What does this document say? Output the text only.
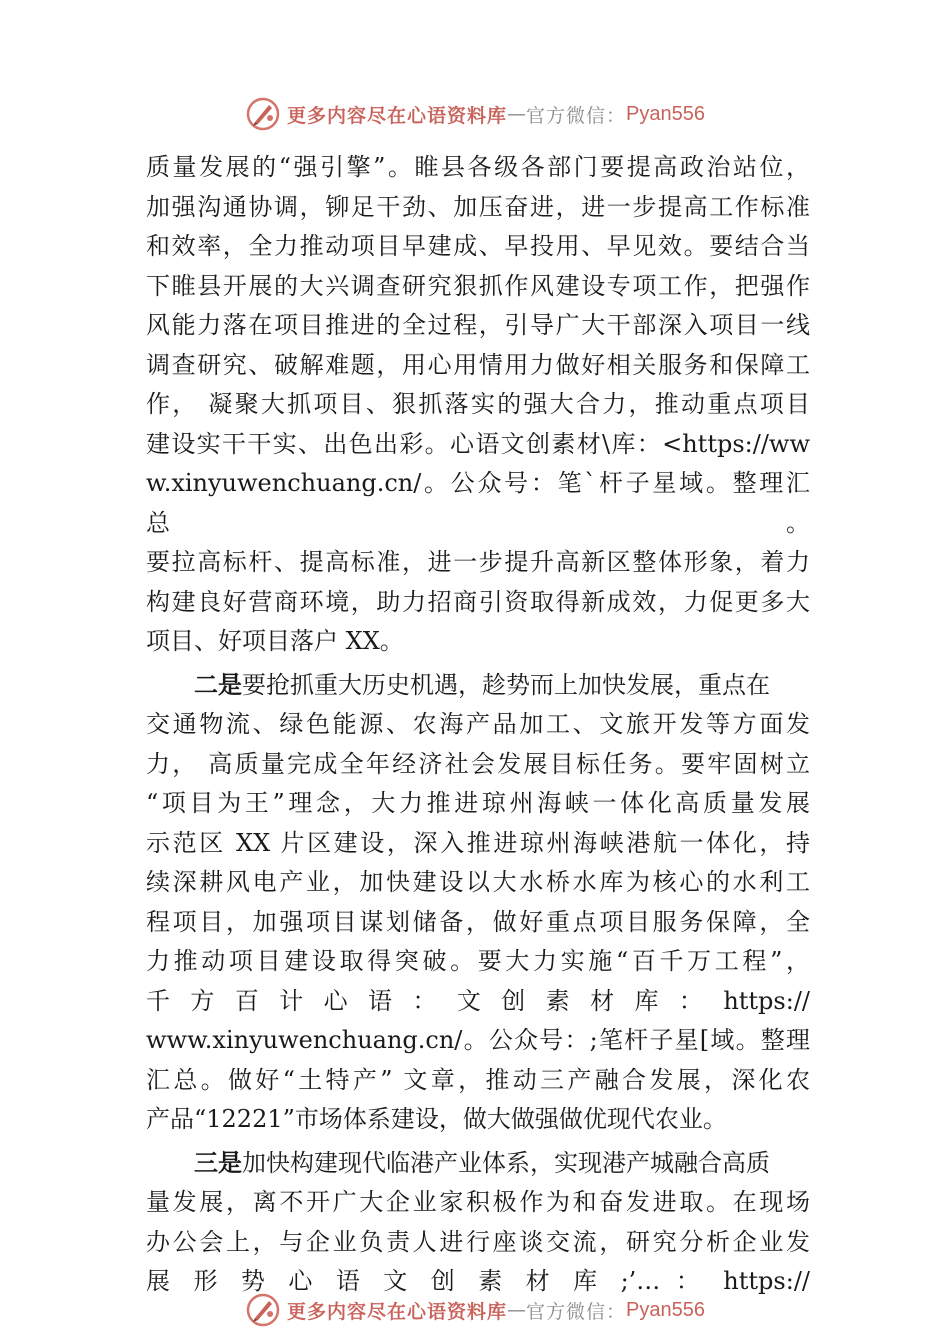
更多内容尽在心语资料库 — 官方微信： Pyan556

质量发展的“强引擎”。睢县各级各部门要提高政治站位，
加强沟通协调，铆足干劲、加压奋进，进一步提高工作标准
和效率，全力推动项目早建成、早投用、早见效。要结合当
下睢县开展的大兴调查研究狠抓作风建设专项工作，把强作
风能力落在项目推进的全过程，引导广大干部深入项目一线
调查研究、破解难题，用心用情用力做好相关服务和保障工
作， 凝聚大抓项目、狠抓落实的强大合力，推动重点项目
建设实干干实、出色出彩。心语文创素材\库：<https://ww
w.xinyuwenchuang.cn/。公众号：笔`杆子星域。整理汇总。
要拉高标杆、提高标准，进一步提升高新区整体形象，着力
构建良好营商环境，助力招商引资取得新成效，力促更多大
项目、好项目落户 XX。

二是要抢抓重大历史机遇，趁势而上加快发展，重点在
交通物流、绿色能源、农海产品加工、文旅开发等方面发
力， 高质量完成全年经济社会发展目标任务。要牢固树立
“项目为王”理念，大力推进琼州海峡一体化高质量发展
示范区 XX 片区建设，深入推进琼州海峡港航一体化，持
续深耕风电产业，加快建设以大水桥水库为核心的水利工
程项目，加强项目谋划储备，做好重点项目服务保障，全
力推动项目建设取得突破。要大力实施“百千万工程”，
千 方 百 计 心 语 ： 文 创 素 材 库 ： https://
www.xinyuwenchuang.cn/。公众号：;笔杆子星[域。整理
汇总。做好“土特产” 文章，推动三产融合发展，深化农
产品“12221”市场体系建设，做大做强做优现代农业。

三是加快构建现代临港产业体系，实现港产城融合高质
量发展，离不开广大企业家积极作为和奋发进取。在现场
办公会上，与企业负责人进行座谈交流，研究分析企业发
展 形 势 心 语 文 创 素 材 库 ;’… ： https://

更多内容尽在心语资料库 — 官方微信： Pyan556
